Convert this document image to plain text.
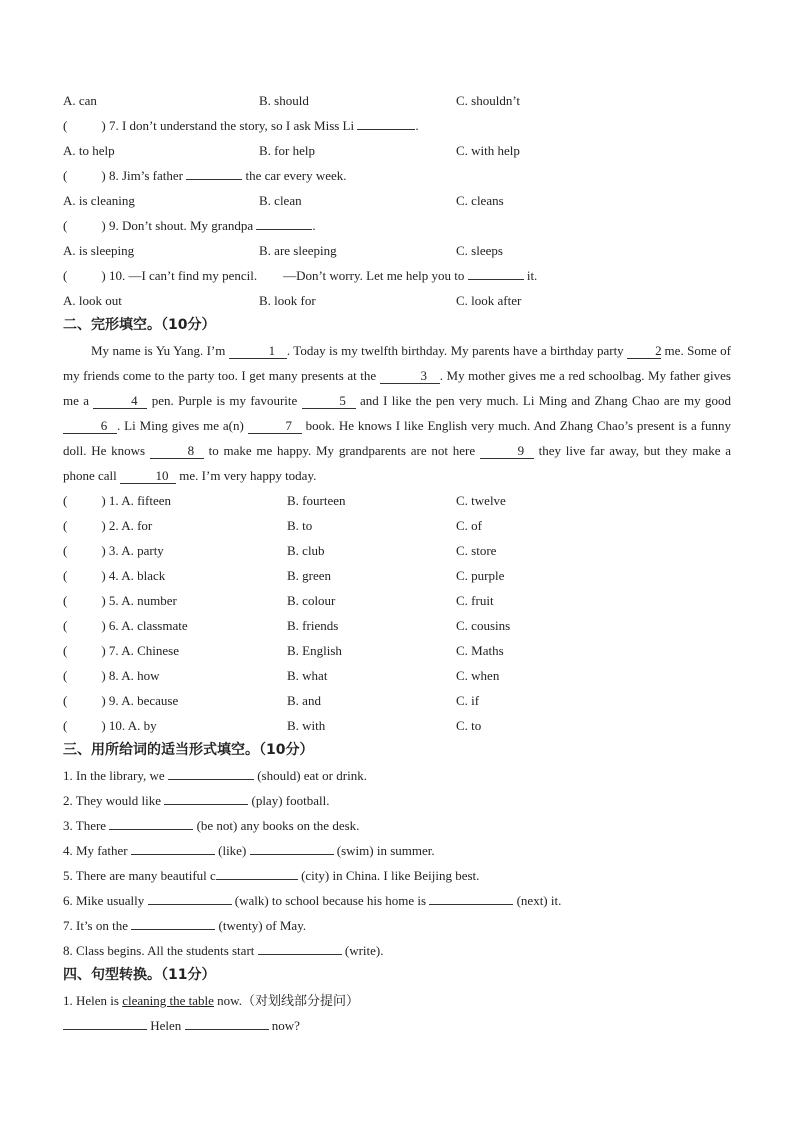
A. can	B. should	C. shouldn’t
(	) 7. I don’t understand the story, so I ask Miss Li	.
A. to help	B. for help	C. with help
(	) 8. Jim’s father	the car every week.
A. is cleaning	B. clean	C. cleans
(	) 9. Don’t shout. My grandpa	.
A. is sleeping	B. are sleeping	C. sleeps
(	) 10. —I can’t find my pencil.        —Don’t worry. Let me help you to	it.
A. look out	B. look for	C. look after
二、完形填空。（10分）
My name is Yu Yang. I’m	1 . Today is my twelfth birthday. My parents have a birthday party 2 me. Some of my friends come to the party too. I get many presents at the	3 . My mother gives me a red schoolbag. My father gives me a	4 pen. Purple is my favourite	5 and I like the pen very much. Li Ming and Zhang Chao are my good 6 . Li Ming gives me a(n)	7 book. He knows I like English very much. And Zhang Chao’s present is a funny doll. He knows	8 to make me happy. My grandparents are not here	9 they live far away, but they make a phone call	10 me. I’m very happy today.
(	) 1. A. fifteen	B. fourteen	C. twelve
(	) 2. A. for	B. to	C. of
(	) 3. A. party	B. club	C. store
(	) 4. A. black	B. green	C. purple
(	) 5. A. number	B. colour	C. fruit
(	) 6. A. classmate	B. friends	C. cousins
(	) 7. A. Chinese	B. English	C. Maths
(	) 8. A. how	B. what	C. when
(	) 9. A. because	B. and	C. if
(	) 10. A. by	B. with	C. to
三、用所给词的适当形式填空。（10分）
1. In the library, we	(should) eat or drink.
2. They would like	(play) football.
3. There	(be not) any books on the desk.
4. My father	(like)	(swim) in summer.
5. There are many beautiful c	(city) in China. I like Beijing best.
6. Mike usually	(walk) to school because his home is	(next) it.
7. It’s on the	(twenty) of May.
8. Class begins. All the students start	(write).
四、句型转换。（11分）
1. Helen is cleaning the table now.（对划线部分提问）
Helen	now?
